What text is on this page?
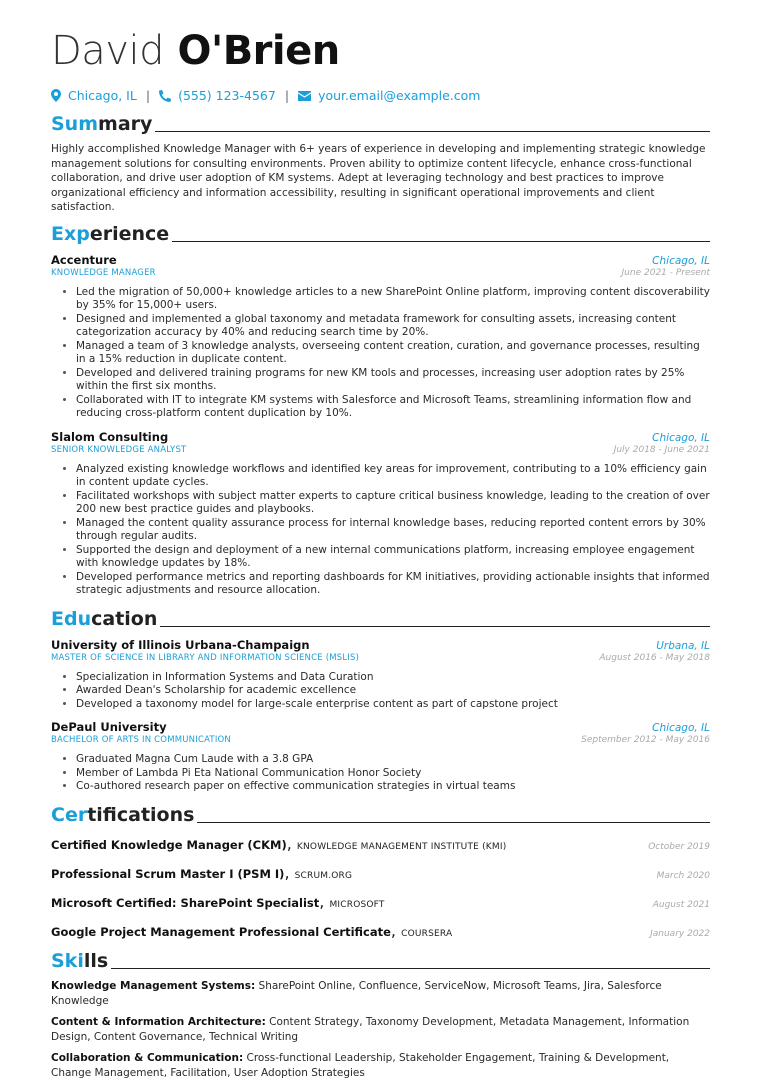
David O'Brien
Chicago, IL | (555) 123-4567 | your.email@example.com
Summary
Highly accomplished Knowledge Manager with 6+ years of experience in developing and implementing strategic knowledge management solutions for consulting environments. Proven ability to optimize content lifecycle, enhance cross-functional collaboration, and drive user adoption of KM systems. Adept at leveraging technology and best practices to improve organizational efficiency and information accessibility, resulting in significant operational improvements and client satisfaction.
Experience
Accenture	Chicago, IL
KNOWLEDGE MANAGER	June 2021 - Present
• Led the migration of 50,000+ knowledge articles to a new SharePoint Online platform, improving content discoverability by 35% for 15,000+ users.
• Designed and implemented a global taxonomy and metadata framework for consulting assets, increasing content categorization accuracy by 40% and reducing search time by 20%.
• Managed a team of 3 knowledge analysts, overseeing content creation, curation, and governance processes, resulting in a 15% reduction in duplicate content.
• Developed and delivered training programs for new KM tools and processes, increasing user adoption rates by 25% within the first six months.
• Collaborated with IT to integrate KM systems with Salesforce and Microsoft Teams, streamlining information flow and reducing cross-platform content duplication by 10%.
Slalom Consulting	Chicago, IL
SENIOR KNOWLEDGE ANALYST	July 2018 - June 2021
• Analyzed existing knowledge workflows and identified key areas for improvement, contributing to a 10% efficiency gain in content update cycles.
• Facilitated workshops with subject matter experts to capture critical business knowledge, leading to the creation of over 200 new best practice guides and playbooks.
• Managed the content quality assurance process for internal knowledge bases, reducing reported content errors by 30% through regular audits.
• Supported the design and deployment of a new internal communications platform, increasing employee engagement with knowledge updates by 18%.
• Developed performance metrics and reporting dashboards for KM initiatives, providing actionable insights that informed strategic adjustments and resource allocation.
Education
University of Illinois Urbana-Champaign	Urbana, IL
MASTER OF SCIENCE IN LIBRARY AND INFORMATION SCIENCE (MSLIS)	August 2016 - May 2018
• Specialization in Information Systems and Data Curation
• Awarded Dean's Scholarship for academic excellence
• Developed a taxonomy model for large-scale enterprise content as part of capstone project
DePaul University	Chicago, IL
BACHELOR OF ARTS IN COMMUNICATION	September 2012 - May 2016
• Graduated Magna Cum Laude with a 3.8 GPA
• Member of Lambda Pi Eta National Communication Honor Society
• Co-authored research paper on effective communication strategies in virtual teams
Certifications
Certified Knowledge Manager (CKM), KNOWLEDGE MANAGEMENT INSTITUTE (KMI)	October 2019
Professional Scrum Master I (PSM I), SCRUM.ORG	March 2020
Microsoft Certified: SharePoint Specialist, MICROSOFT	August 2021
Google Project Management Professional Certificate, COURSERA	January 2022
Skills
Knowledge Management Systems: SharePoint Online, Confluence, ServiceNow, Microsoft Teams, Jira, Salesforce Knowledge
Content & Information Architecture: Content Strategy, Taxonomy Development, Metadata Management, Information Design, Content Governance, Technical Writing
Collaboration & Communication: Cross-functional Leadership, Stakeholder Engagement, Training & Development, Change Management, Facilitation, User Adoption Strategies
